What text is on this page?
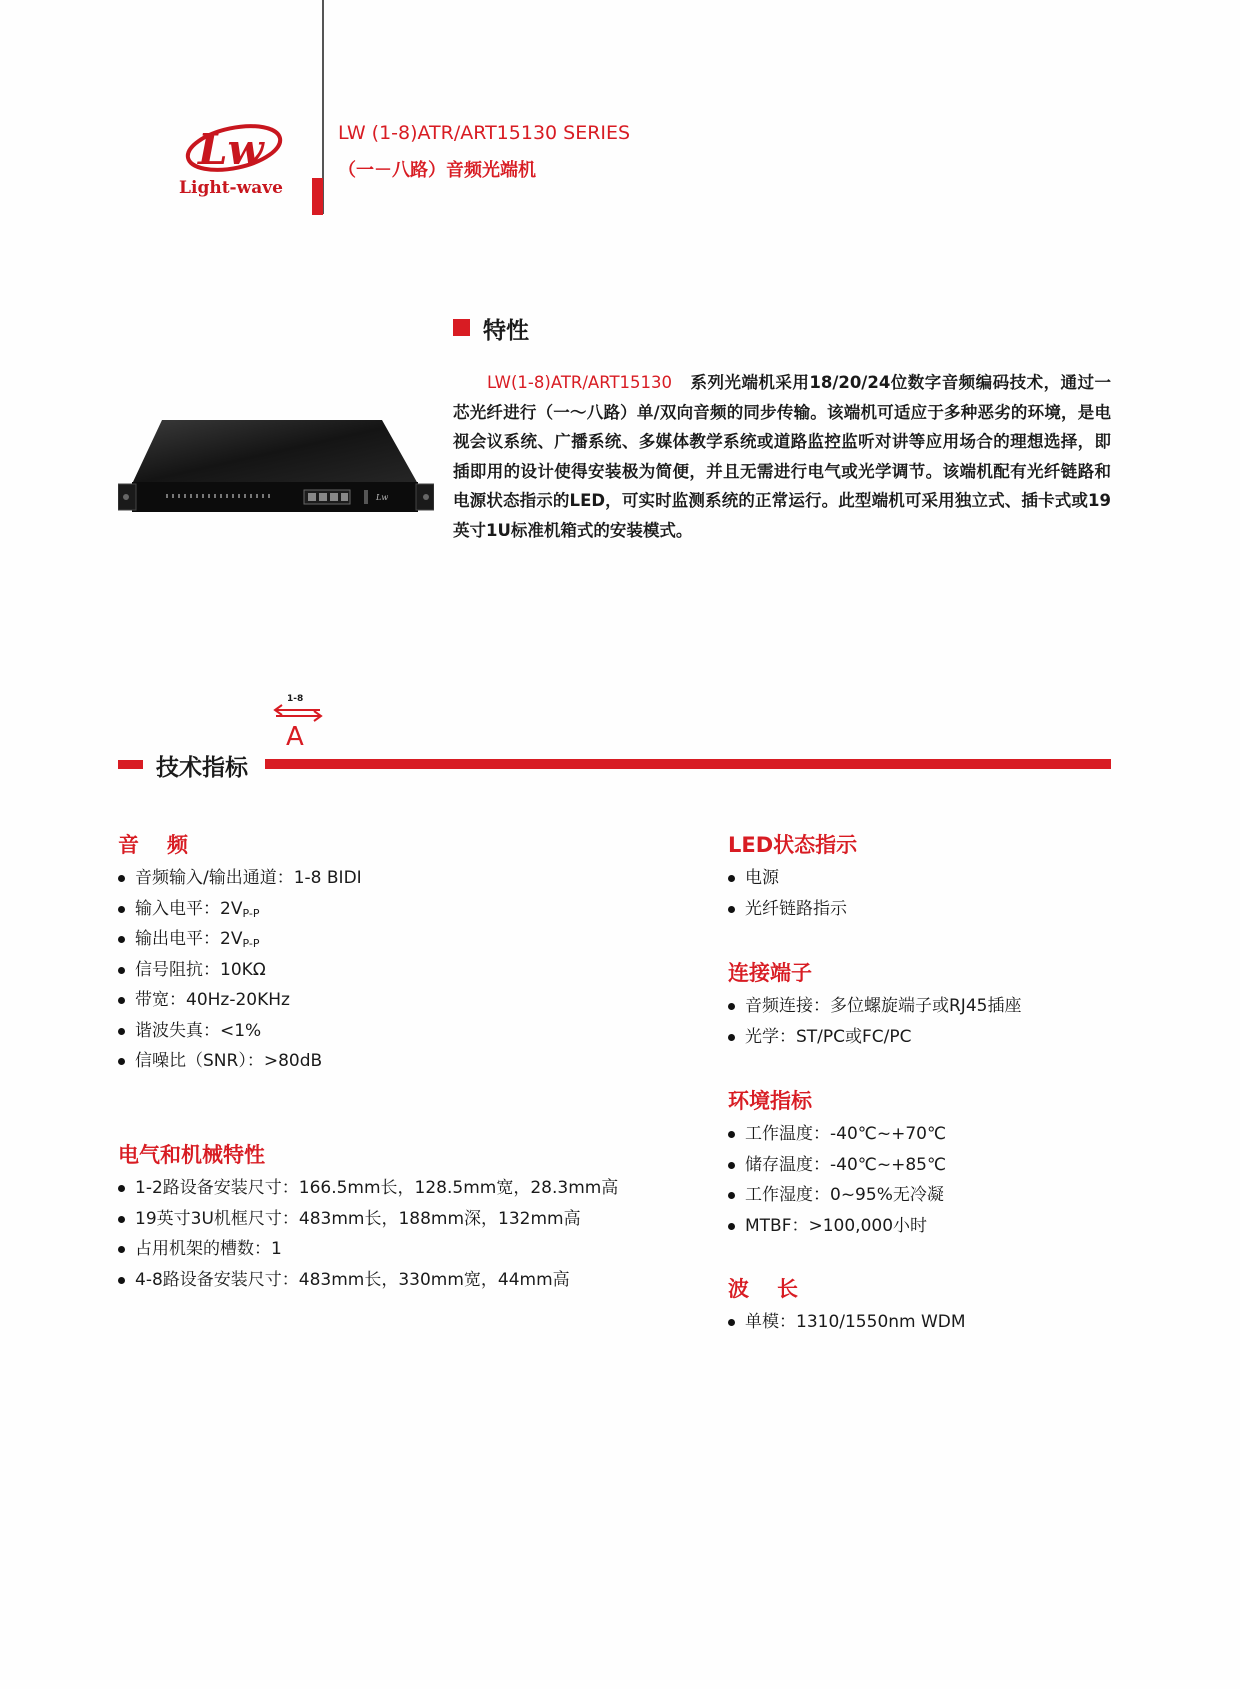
Lw
Light-wave
LW (1-8)ATR/ART15130 SERIES
（一－八路）音频光端机
特性
LW(1-8)ATR/ART15130 系列光端机采用18/20/24位数字音频编码技术，通过一芯光纤进行（一～八路）单/双向音频的同步传输。该端机可适应于多种恶劣的环境，是电视会议系统、广播系统、多媒体教学系统或道路监控监听对讲等应用场合的理想选择，即插即用的设计使得安装极为简便，并且无需进行电气或光学调节。该端机配有光纤链路和电源状态指示的LED，可实时监测系统的正常运行。此型端机可采用独立式、插卡式或19英寸1U标准机箱式的安装模式。
Lw
1-8
A
技术指标
音频
音频输入/输出通道：1-8 BIDI
输入电平：$2V_{P-P}$
输出电平：$2V_{P-P}$
信号阻抗：10KΩ
带宽：40Hz-20KHz
谐波失真：<1%
信噪比（SNR）：>80dB
电气和机械特性
1-2路设备安装尺寸：166.5mm长，128.5mm宽，28.3mm高
19英寸3U机框尺寸：483mm长，188mm深，132mm高
占用机架的槽数：1
4-8路设备安装尺寸：483mm长，330mm宽，44mm高
LED状态指示
电源
光纤链路指示
连接端子
音频连接：多位螺旋端子或RJ45插座
光学：ST/PC或FC/PC
环境指标
工作温度：-40℃~+70℃
储存温度：-40℃~+85℃
工作湿度：0~95%无冷凝
MTBF：>100,000小时
波长
单模：1310/1550nm WDM
